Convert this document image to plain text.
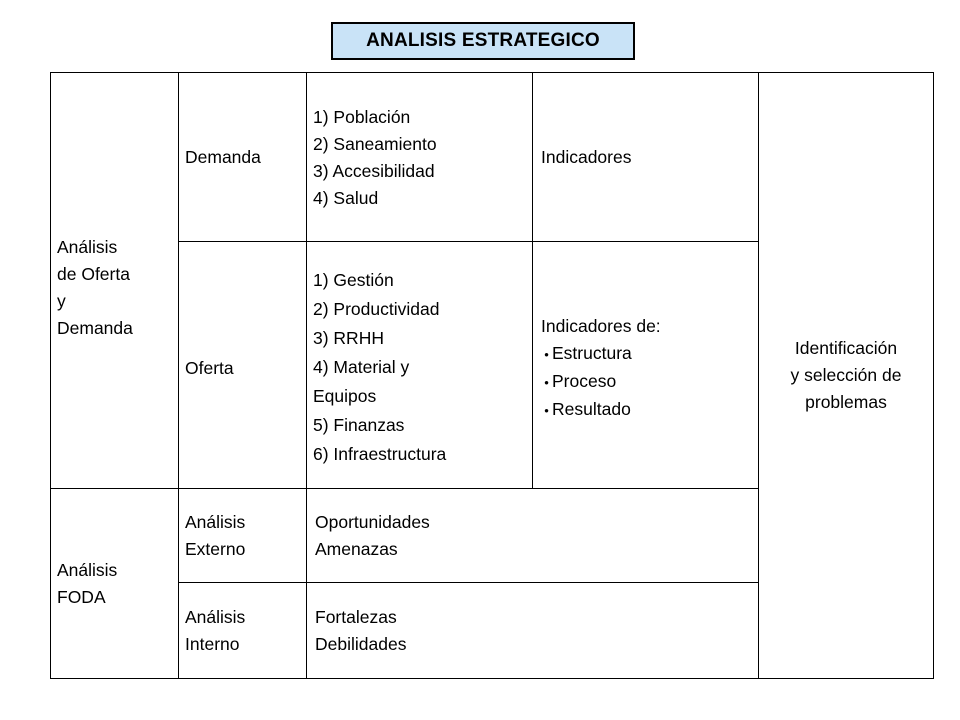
ANALISIS ESTRATEGICO
Análisis
de Oferta
y
Demanda
Análisis
FODA
Demanda
1) Población
2) Saneamiento
3) Accesibilidad
4) Salud
Indicadores
Oferta
1) Gestión
2) Productividad
3) RRHH
4) Material y
Equipos
5) Finanzas
6) Infraestructura
Indicadores de:
• Estructura
• Proceso
• Resultado
Análisis
Externo
Oportunidades
Amenazas
Análisis
Interno
Fortalezas
Debilidades
Identificación
y selección de
problemas
